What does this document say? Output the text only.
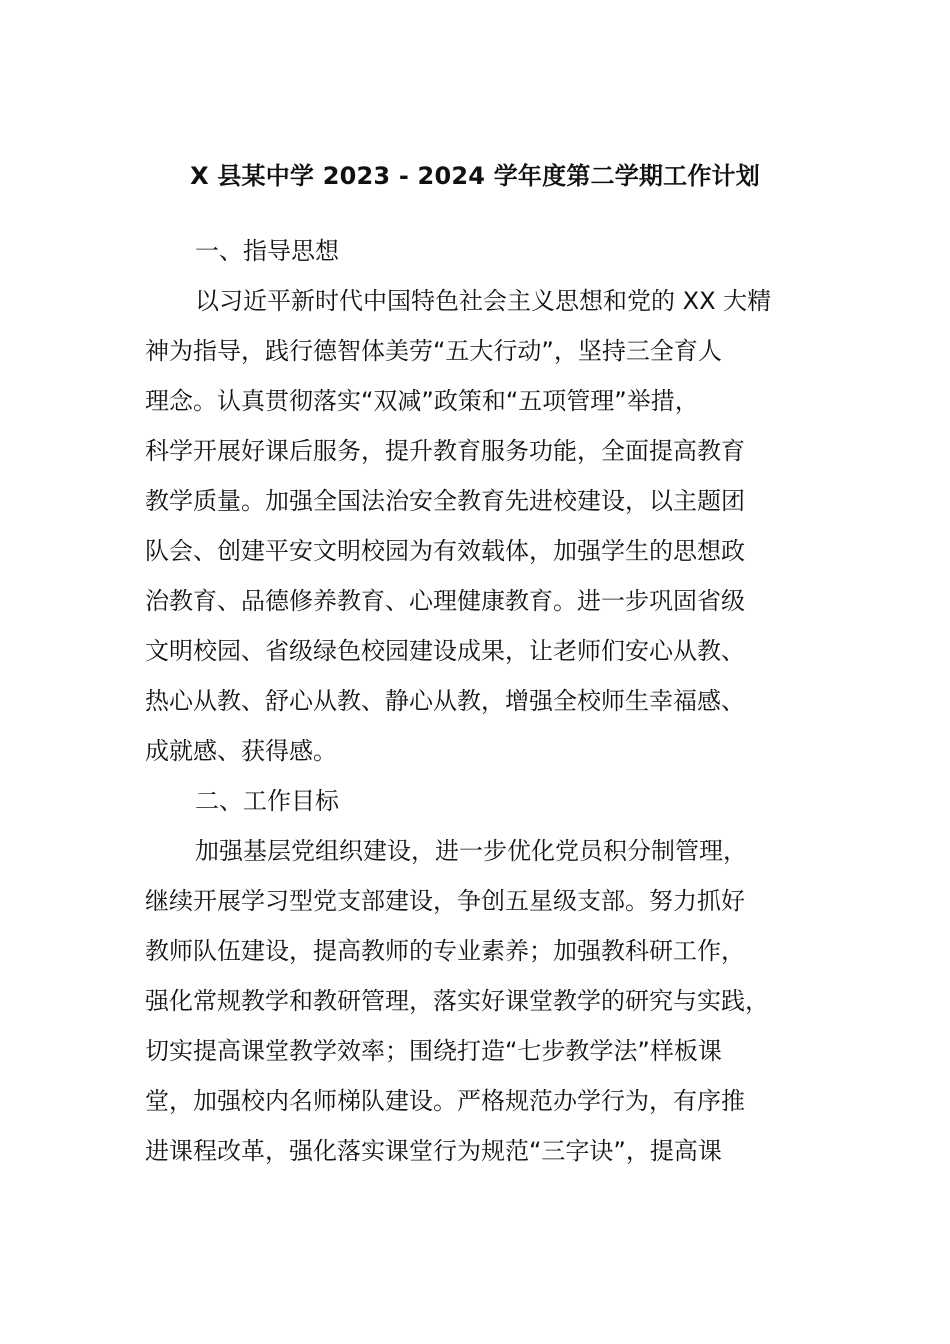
X 县某中学 2023 - 2024 学年度第二学期工作计划

一、指导思想

以习近平新时代中国特色社会主义思想和党的 XX 大精

神为指导，践行德智体美劳“五大行动”，坚持三全育人

理念。认真贯彻落实“双减”政策和“五项管理”举措，

科学开展好课后服务，提升教育服务功能，全面提高教育

教学质量。加强全国法治安全教育先进校建设，以主题团

队会、创建平安文明校园为有效载体，加强学生的思想政

治教育、品德修养教育、心理健康教育。进一步巩固省级

文明校园、省级绿色校园建设成果，让老师们安心从教、

热心从教、舒心从教、静心从教，增强全校师生幸福感、

成就感、获得感。

二、工作目标

加强基层党组织建设，进一步优化党员积分制管理，

继续开展学习型党支部建设，争创五星级支部。努力抓好

教师队伍建设，提高教师的专业素养；加强教科研工作，

强化常规教学和教研管理，落实好课堂教学的研究与实践，

切实提高课堂教学效率；围绕打造“七步教学法”样板课

堂，加强校内名师梯队建设。严格规范办学行为，有序推

进课程改革，强化落实课堂行为规范“三字诀”，提高课
